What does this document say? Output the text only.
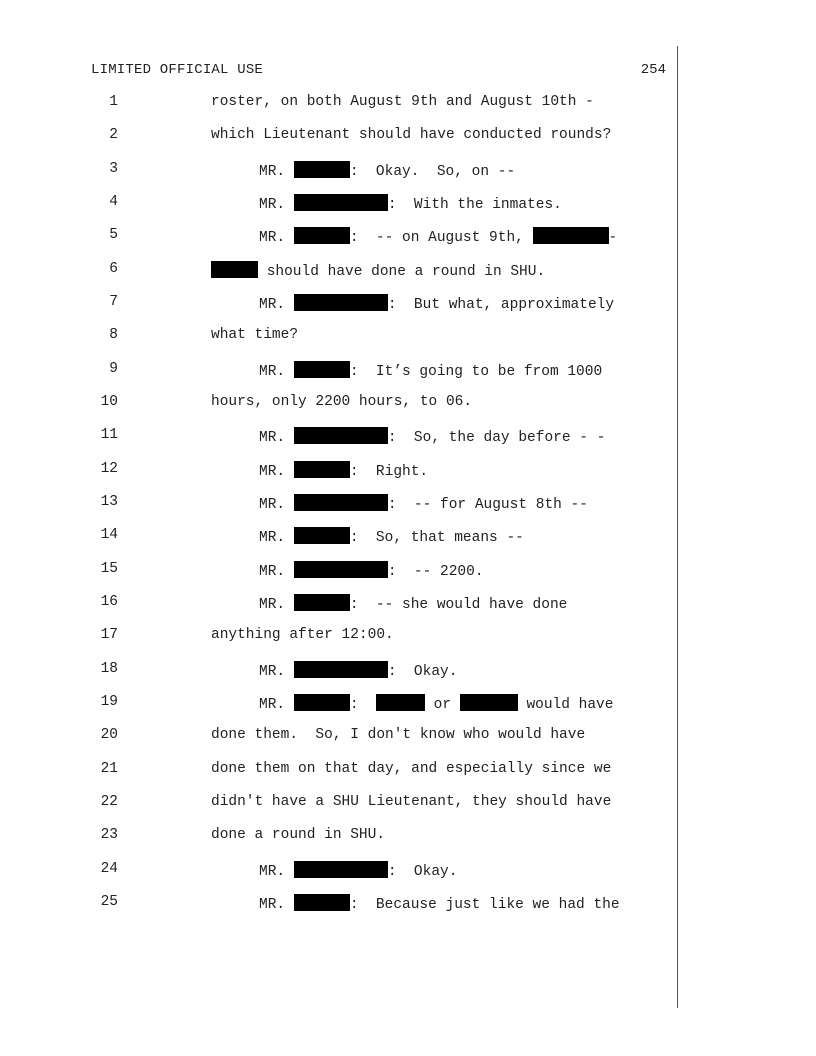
LIMITED OFFICIAL USE	254
1	roster, on both August 9th and August 10th -
2	which Lieutenant should have conducted rounds?
3	MR.	:  Okay.  So, on --
4	MR.	:  With the inmates.
5	MR.	:  -- on August 9th,	-
6	should have done a round in SHU.
7	MR.	:  But what, approximately
8	what time?
9	MR.	:  It’s going to be from 1000
10	hours, only 2200 hours, to 06.
11	MR.	:  So, the day before - -
12	MR.	:  Right.
13	MR.	:  -- for August 8th --
14	MR.	:  So, that means --
15	MR.	:  -- 2200.
16	MR.	:  -- she would have done
17	anything after 12:00.
18	MR.	:  Okay.
19	MR.	:	or	would have
20	done them.  So, I don't know who would have
21	done them on that day, and especially since we
22	didn't have a SHU Lieutenant, they should have
23	done a round in SHU.
24	MR.	:  Okay.
25	MR.	:  Because just like we had the
